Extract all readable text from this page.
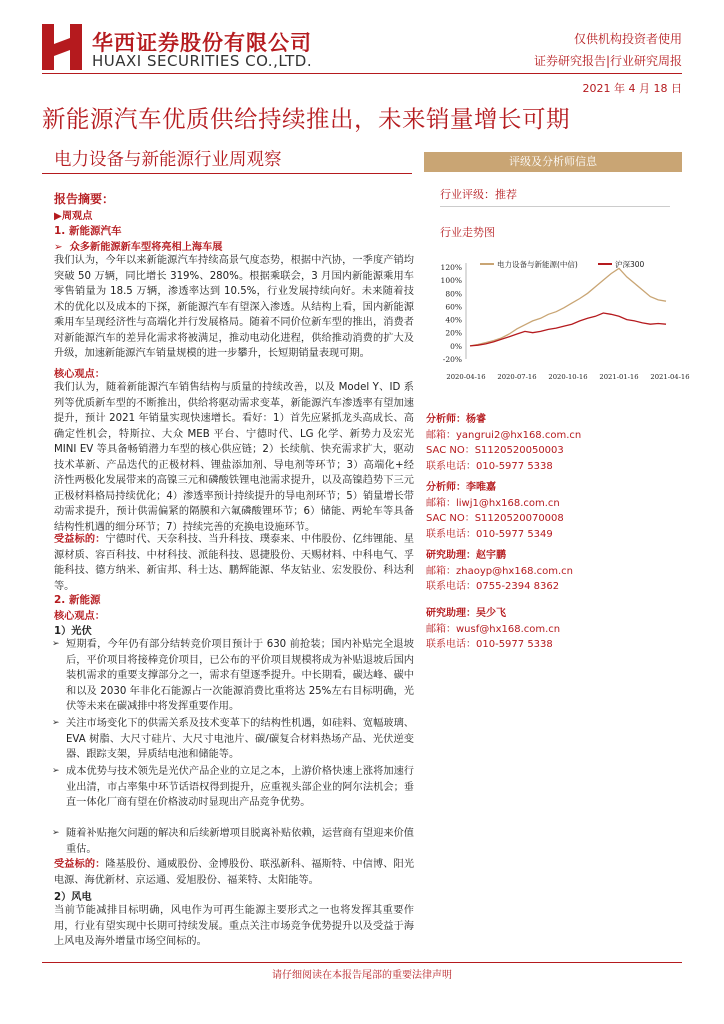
华西证券股份有限公司
HUAXI SECURITIES CO.,LTD.
仅供机构投资者使用
证券研究报告|行业研究周报
2021 年 4 月 18 日
新能源汽车优质供给持续推出，未来销量增长可期
电力设备与新能源行业周观察	评级及分析师信息
行业评级：推荐
行业走势图
电力设备与新能源(中信)	沪深300
120%
100%
80%
60%
40%
20%
0%
-20%
2020-04-16 2020-07-16 2020-10-16 2021-01-16 2021-04-16
分析师：杨睿
邮箱：yangrui2@hx168.com.cn
SAC NO：S1120520050003
联系电话：010-5977 5338
分析师：李唯嘉
邮箱：liwj1@hx168.com.cn
SAC NO：S1120520070008
联系电话：010-5977 5349
研究助理：赵宇鹏
邮箱：zhaoyp@hx168.com.cn
联系电话：0755-2394 8362
研究助理：吴少飞
邮箱：wusf@hx168.com.cn
联系电话：010-5977 5338
报告摘要：
▶周观点
1. 新能源汽车
➢  众多新能源新车型将亮相上海车展
我们认为，今年以来新能源汽车持续高景气度态势，根据中汽协，一季度产销均突破 50 万辆，同比增长 319%、280%。根据乘联会，3 月国内新能源乘用车零售销量为 18.5 万辆，渗透率达到 10.5%，行业发展持续向好。未来随着技术的优化以及成本的下探，新能源汽车有望深入渗透。从结构上看，国内新能源乘用车呈现经济性与高端化并行发展格局。随着不同价位新车型的推出，消费者对新能源汽车的差异化需求将被满足，推动电动化进程，供给推动消费的扩大及升级，加速新能源汽车销量规模的进一步攀升，长短期销量表现可期。
核心观点：
我们认为，随着新能源汽车销售结构与质量的持续改善，以及 Model Y、ID 系列等优质新车型的不断推出，供给将驱动需求变革，新能源汽车渗透率有望加速提升，预计 2021 年销量实现快速增长。看好：1）首先应紧抓龙头高成长、高确定性机会，特斯拉、大众 MEB 平台、宁德时代、LG 化学、新势力及宏光 MINI EV 等具备畅销潜力车型的核心供应链；2）长续航、快充需求扩大，驱动技术革新、产品迭代的正极材料、锂盐添加剂、导电剂等环节；3）高端化+经济性两极化发展带来的高镍三元和磷酸铁锂电池需求提升，以及高镍趋势下三元正极材料格局持续优化；4）渗透率预计持续提升的导电剂环节；5）销量增长带动需求提升，预计供需偏紧的隔膜和六氟磷酸锂环节；6）储能、两轮车等具备结构性机遇的细分环节；7）持续完善的充换电设施环节。
受益标的：宁德时代、天奈科技、当升科技、璞泰来、中伟股份、亿纬锂能、星源材质、容百科技、中材科技、派能科技、恩捷股份、天赐材料、中科电气、孚能科技、德方纳米、新宙邦、科士达、鹏辉能源、华友钴业、宏发股份、科达利等。
2. 新能源
核心观点：
1）光伏
➢ 短期看，今年仍有部分结转竞价项目预计于 630 前抢装；国内补贴完全退坡后，平价项目将接棒竞价项目，已公布的平价项目规模将成为补贴退坡后国内装机需求的重要支撑部分之一，需求有望逐季提升。中长期看，碳达峰、碳中和以及 2030 年非化石能源占一次能源消费比重将达 25%左右目标明确，光伏等未来在碳减排中将发挥重要作用。
➢ 关注市场变化下的供需关系及技术变革下的结构性机遇，如硅料、宽幅玻璃、EVA 树脂、大尺寸硅片、大尺寸电池片、碳/碳复合材料热场产品、光伏逆变器、跟踪支架，异质结电池和储能等。
➢ 成本优势与技术领先是光伏产品企业的立足之本，上游价格快速上涨将加速行业出清，市占率集中环节话语权得到提升，应重视头部企业的阿尔法机会；垂直一体化厂商有望在价格波动时显现出产品竞争优势。
➢ 随着补贴拖欠问题的解决和后续新增项目脱离补贴依赖，运营商有望迎来价值重估。
受益标的：隆基股份、通威股份、金博股份、联泓新科、福斯特、中信博、阳光电源、海优新材、京运通、爱旭股份、福莱特、太阳能等。
2）风电
当前节能减排目标明确，风电作为可再生能源主要形式之一也将发挥其重要作用，行业有望实现中长期可持续发展。重点关注市场竞争优势提升以及受益于海上风电及海外增量市场空间标的。
请仔细阅读在本报告尾部的重要法律声明
